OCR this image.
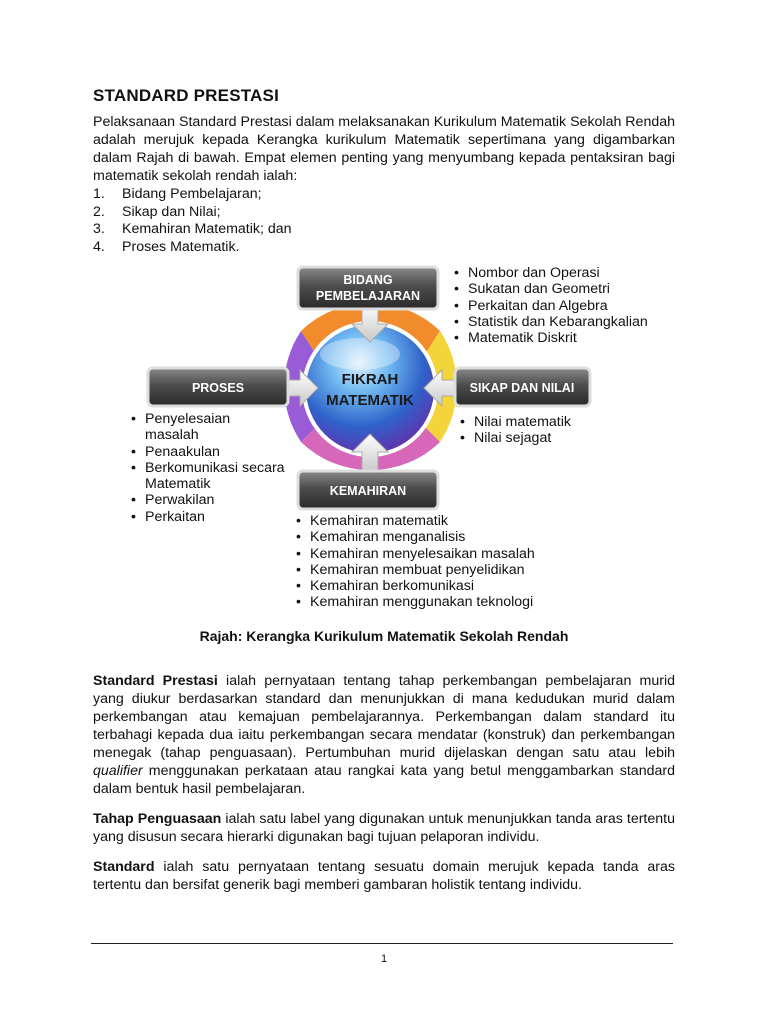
STANDARD PRESTASI
Pelaksanaan Standard Prestasi dalam melaksanakan Kurikulum Matematik Sekolah Rendah adalah merujuk kepada Kerangka kurikulum Matematik sepertimana yang digambarkan dalam Rajah di bawah. Empat elemen penting yang menyumbang kepada pentaksiran bagi matematik sekolah rendah ialah:
1.	Bidang Pembelajaran;
2.	Sikap dan Nilai;
3.	Kemahiran Matematik; dan
4.	Proses Matematik.
BIDANG
PEMBELAJARAN
PROSES	SIKAP DAN NILAI
KEMAHIRAN
FIKRAH
MATEMATIK
• Nombor dan Operasi
• Sukatan dan Geometri
• Perkaitan dan Algebra
• Statistik dan Kebarangkalian
• Matematik Diskrit
• Penyelesaian
masalah
• Penaakulan
• Berkomunikasi secara
Matematik
• Perwakilan
• Perkaitan
• Nilai matematik
• Nilai sejagat
• Kemahiran matematik
• Kemahiran menganalisis
• Kemahiran menyelesaikan masalah
• Kemahiran membuat penyelidikan
• Kemahiran berkomunikasi
• Kemahiran menggunakan teknologi
Rajah: Kerangka Kurikulum Matematik Sekolah Rendah
Standard Prestasi ialah pernyataan tentang tahap perkembangan pembelajaran murid yang diukur berdasarkan standard dan menunjukkan di mana kedudukan murid dalam perkembangan atau kemajuan pembelajarannya. Perkembangan dalam standard itu terbahagi kepada dua iaitu perkembangan secara mendatar (konstruk) dan perkembangan menegak (tahap penguasaan). Pertumbuhan murid dijelaskan dengan satu atau lebih qualifier menggunakan perkataan atau rangkai kata yang betul menggambarkan standard dalam bentuk hasil pembelajaran.
Tahap Penguasaan ialah satu label yang digunakan untuk menunjukkan tanda aras tertentu yang disusun secara hierarki digunakan bagi tujuan pelaporan individu.
Standard ialah satu pernyataan tentang sesuatu domain merujuk kepada tanda aras tertentu dan bersifat generik bagi memberi gambaran holistik tentang individu.
1
